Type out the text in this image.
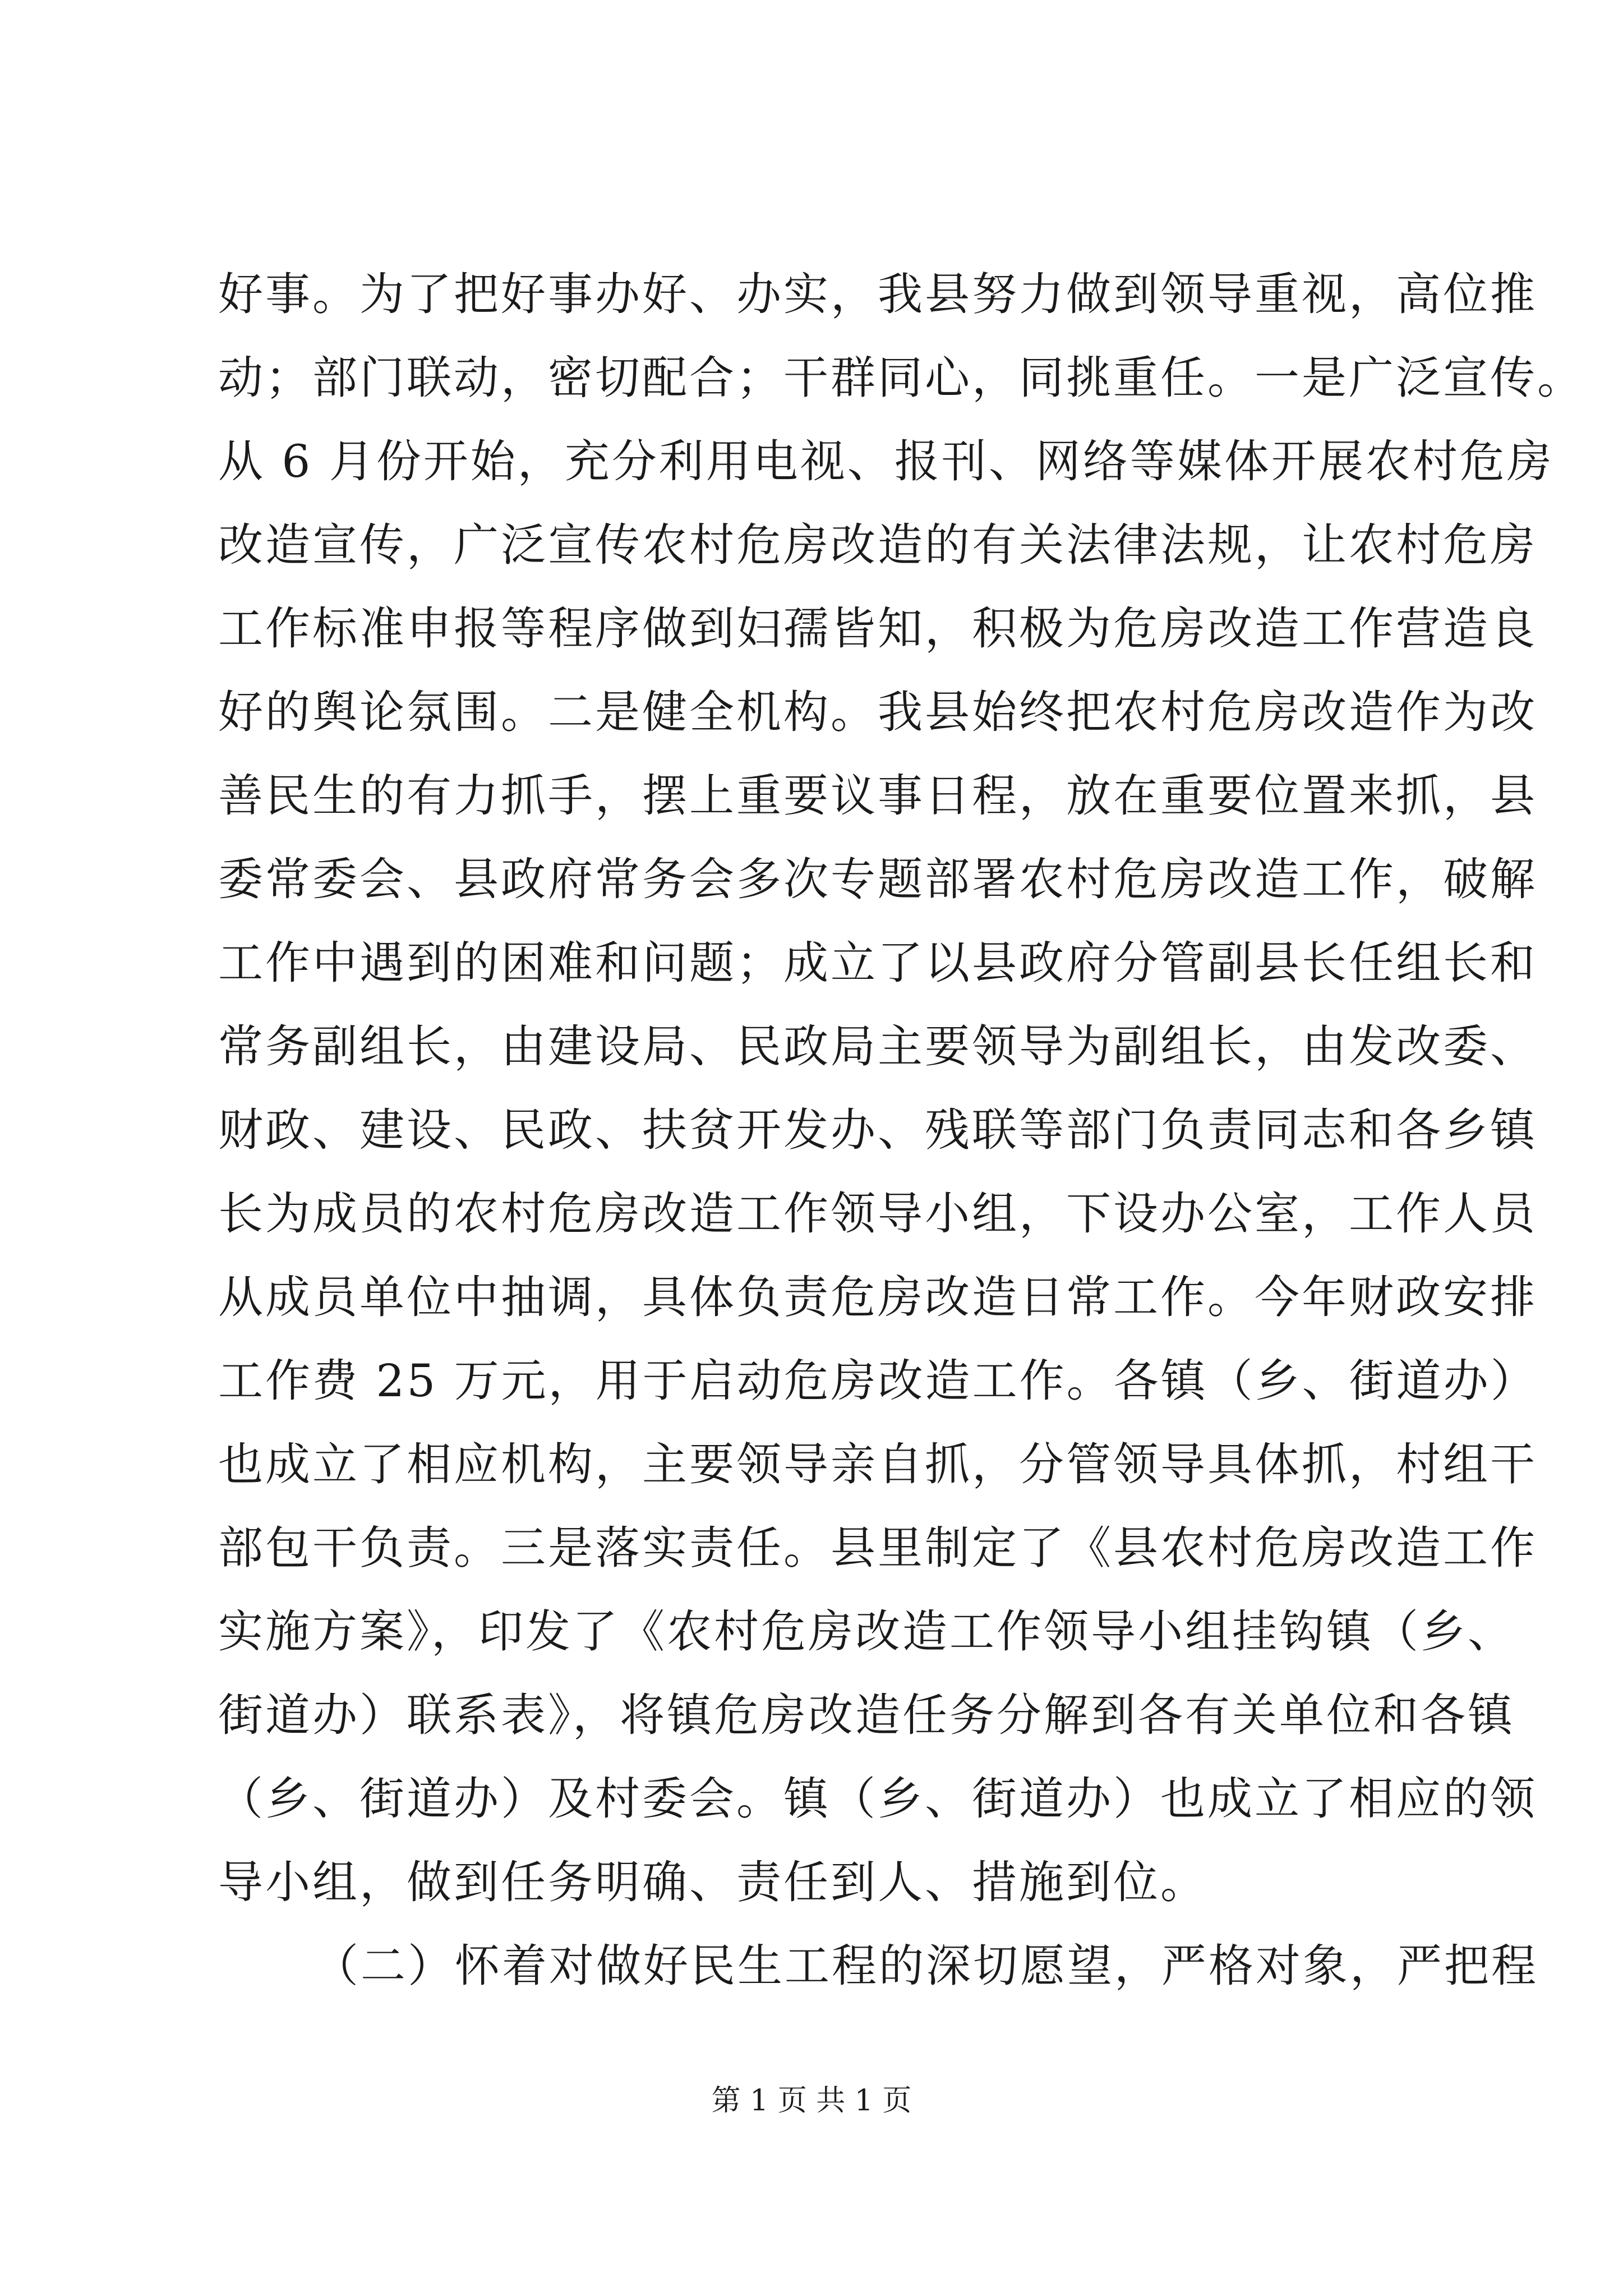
好事。为了把好事办好、办实，我县努力做到领导重视，高位推
动；部门联动，密切配合；干群同心，同挑重任。一是广泛宣传。
从 6 月份开始，充分利用电视、报刊、网络等媒体开展农村危房
改造宣传，广泛宣传农村危房改造的有关法律法规，让农村危房
工作标准申报等程序做到妇孺皆知，积极为危房改造工作营造良
好的舆论氛围。二是健全机构。我县始终把农村危房改造作为改
善民生的有力抓手，摆上重要议事日程，放在重要位置来抓，县
委常委会、县政府常务会多次专题部署农村危房改造工作，破解
工作中遇到的困难和问题；成立了以县政府分管副县长任组长和
常务副组长，由建设局、民政局主要领导为副组长，由发改委、
财政、建设、民政、扶贫开发办、残联等部门负责同志和各乡镇
长为成员的农村危房改造工作领导小组，下设办公室，工作人员
从成员单位中抽调，具体负责危房改造日常工作。今年财政安排
工作费 25 万元，用于启动危房改造工作。各镇（乡、街道办）
也成立了相应机构，主要领导亲自抓，分管领导具体抓，村组干
部包干负责。三是落实责任。县里制定了《县农村危房改造工作
实施方案》，印发了《农村危房改造工作领导小组挂钩镇（乡、
街道办）联系表》，将镇危房改造任务分解到各有关单位和各镇
（乡、街道办）及村委会。镇（乡、街道办）也成立了相应的领
导小组，做到任务明确、责任到人、措施到位。
（二）怀着对做好民生工程的深切愿望，严格对象，严把程
第 1 页 共 1 页
